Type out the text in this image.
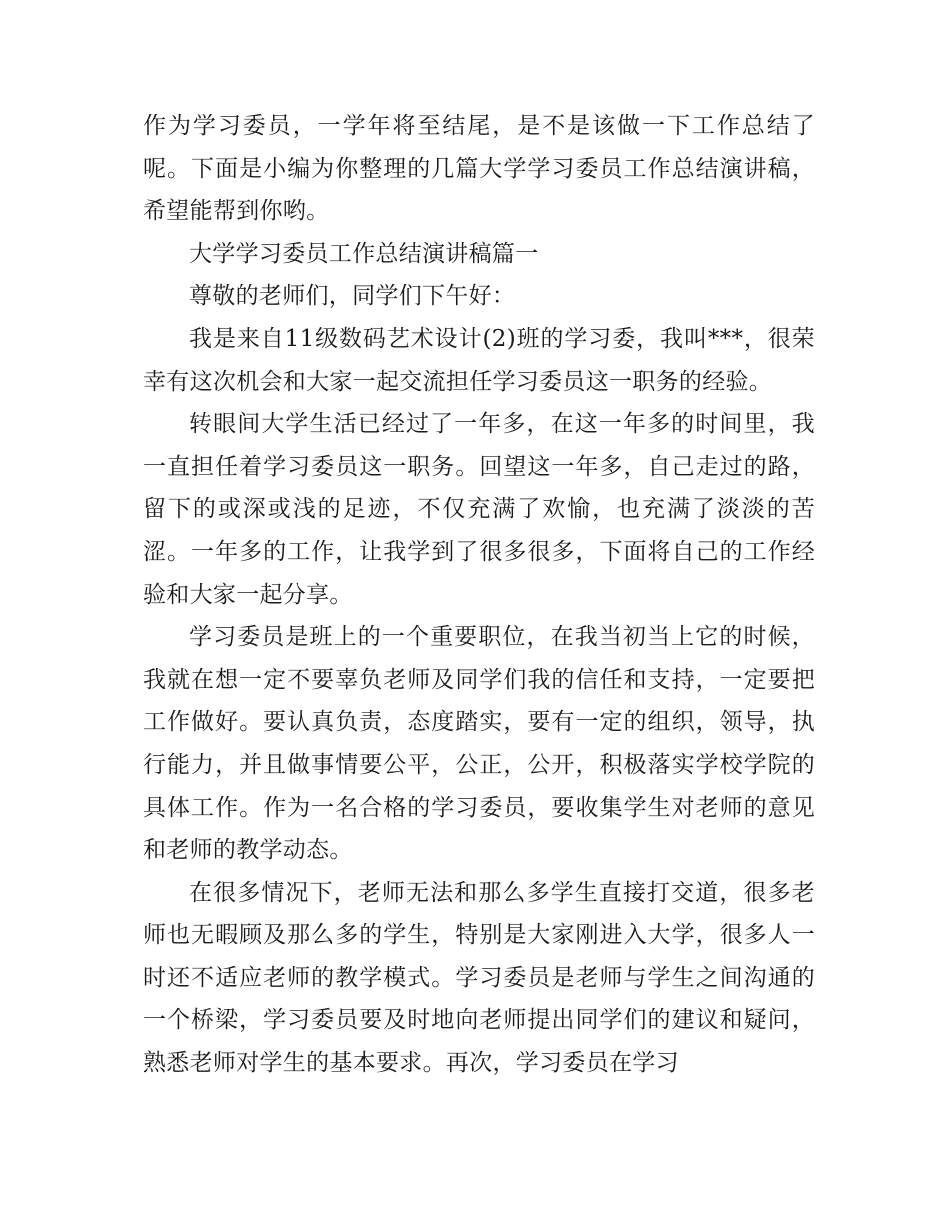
作为学习委员，一学年将至结尾，是不是该做一下工作总结了呢。下面是小编为你整理的几篇大学学习委员工作总结演讲稿，希望能帮到你哟。

大学学习委员工作总结演讲稿篇一

尊敬的老师们，同学们下午好：

我是来自11级数码艺术设计(2)班的学习委，我叫***，很荣幸有这次机会和大家一起交流担任学习委员这一职务的经验。

转眼间大学生活已经过了一年多，在这一年多的时间里，我一直担任着学习委员这一职务。回望这一年多，自己走过的路，留下的或深或浅的足迹，不仅充满了欢愉，也充满了淡淡的苦涩。一年多的工作，让我学到了很多很多，下面将自己的工作经验和大家一起分享。

学习委员是班上的一个重要职位，在我当初当上它的时候，我就在想一定不要辜负老师及同学们我的信任和支持，一定要把工作做好。要认真负责，态度踏实，要有一定的组织，领导，执行能力，并且做事情要公平，公正，公开，积极落实学校学院的具体工作。作为一名合格的学习委员，要收集学生对老师的意见和老师的教学动态。

在很多情况下，老师无法和那么多学生直接打交道，很多老师也无暇顾及那么多的学生，特别是大家刚进入大学，很多人一时还不适应老师的教学模式。学习委员是老师与学生之间沟通的一个桥梁，学习委员要及时地向老师提出同学们的建议和疑问，熟悉老师对学生的基本要求。再次，学习委员在学习
